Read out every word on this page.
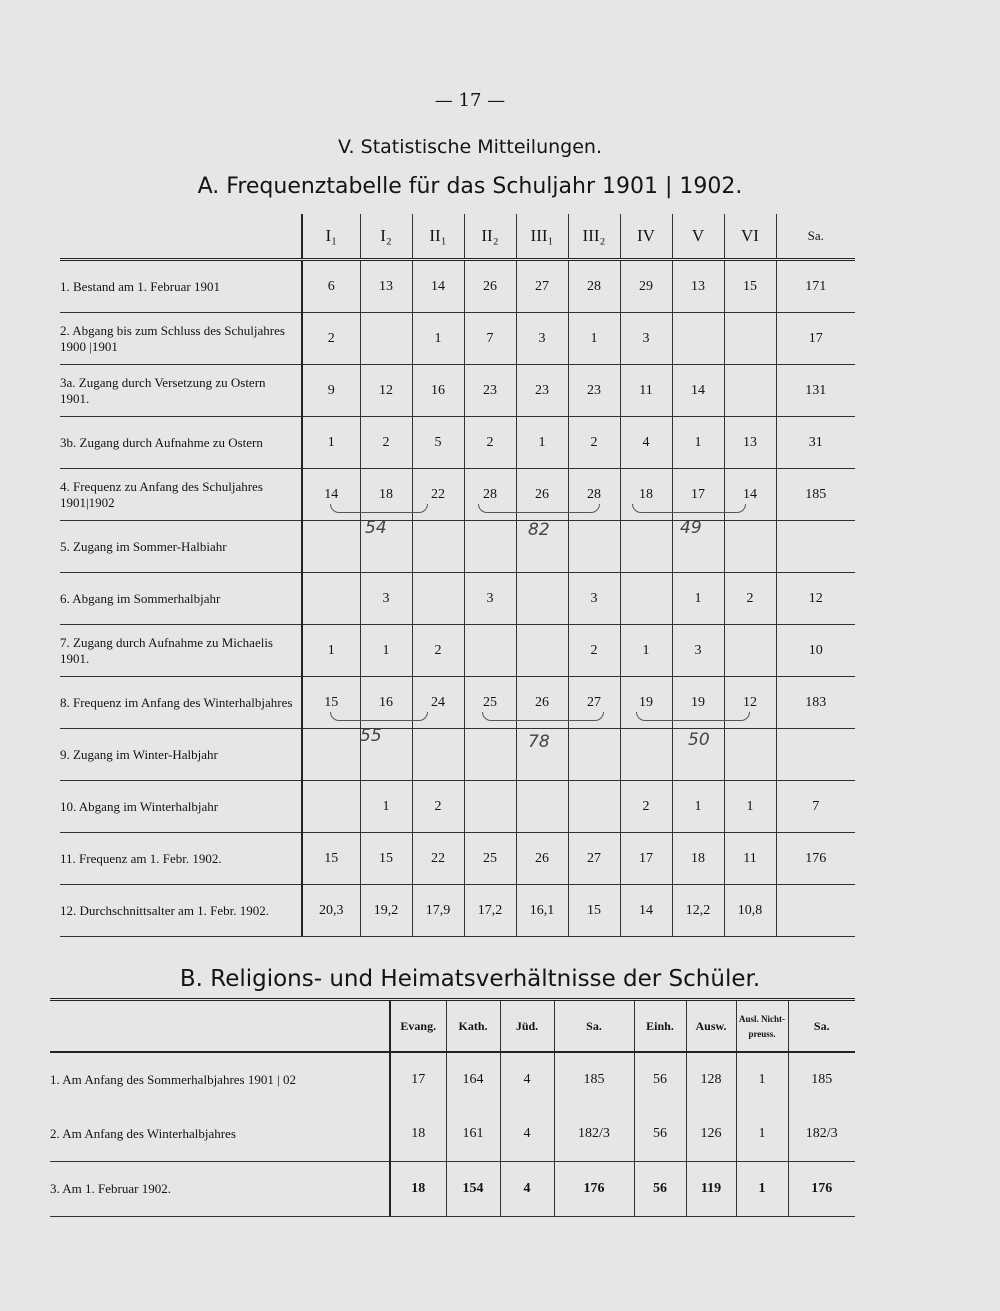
— 17 —
V. Statistische Mitteilungen.
A. Frequenztabelle für das Schuljahr 1901 | 1902.
	I₁	I₂	II₁	II₂	III₁	III₂	IV	V	VI	Sa.
1. Bestand am 1. Februar 1901	6	13	14	26	27	28	29	13	15	171
2. Abgang bis zum Schluss des Schuljahres 1900 |1901	2		1	7	3	1	3			17
3a. Zugang durch Versetzung zu Ostern 1901.	9	12	16	23	23	23	11	14		131
3b. Zugang durch Aufnahme zu Ostern	1	2	5	2	1	2	4	1	13	31
4. Frequenz zu Anfang des Schuljahres 1901|1902	14	18	22	28	26	28	18	17	14	185
5. Zugang im Sommer-Halbiahr										
6. Abgang im Sommerhalbjahr		3		3		3		1	2	12
7. Zugang durch Aufnahme zu Michaelis 1901.	1	1	2			2	1	3		10
8. Frequenz im Anfang des Winterhalbjahres	15	16	24	25	26	27	19	19	12	183
9. Zugang im Winter-Halbjahr										
10. Abgang im Winterhalbjahr		1	2				2	1	1	7
11. Frequenz am 1. Febr. 1902.	15	15	22	25	26	27	17	18	11	176
12. Durchschnittsalter am 1. Febr. 1902.	20,3	19,2	17,9	17,2	16,1	15	14	12,2	10,8	
54	82	49
55	78	50
B. Religions- und Heimatsverhältnisse der Schüler.
	Evang.	Kath.	Jüd.	Sa.	Einh.	Ausw.	Ausl. Nicht-preuss.	Sa.
1. Am Anfang des Sommerhalbjahres 1901 | 02	17	164	4	185	56	128	1	185
2. Am Anfang des Winterhalbjahres	18	161	4	182/3	56	126	1	182/3
3. Am 1. Februar 1902.	18	154	4	176	56	119	1	176
